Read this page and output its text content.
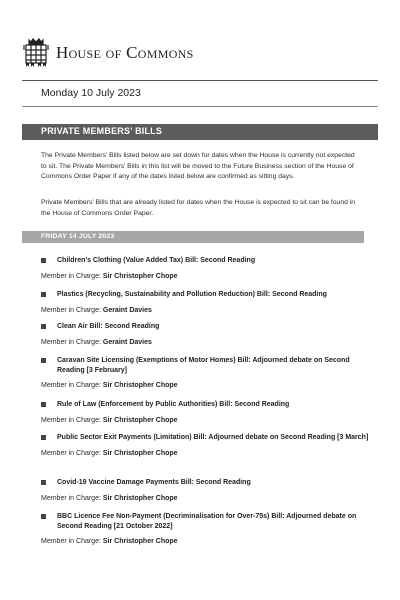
House of Commons
Monday 10 July 2023
PRIVATE MEMBERS’ BILLS
The Private Members’ Bills listed below are set down for dates when the House is currently not expected to sit. The Private Members’ Bills in this list will be moved to the Future Business section of the House of Commons Order Paper if any of the dates listed below are confirmed as sitting days.
Private Members’ Bills that are already listed for dates when the House is expected to sit can be found in the House of Commons Order Paper.
FRIDAY 14 JULY 2023
Children’s Clothing (Value Added Tax) Bill: Second Reading
Member in Charge: Sir Christopher Chope
Plastics (Recycling, Sustainability and Pollution Reduction) Bill: Second Reading
Member in Charge: Geraint Davies
Clean Air Bill: Second Reading
Member in Charge: Geraint Davies
Caravan Site Licensing (Exemptions of Motor Homes) Bill: Adjourned debate on Second Reading [3 February]
Member in Charge: Sir Christopher Chope
Rule of Law (Enforcement by Public Authorities) Bill: Second Reading
Member in Charge: Sir Christopher Chope
Public Sector Exit Payments (Limitation) Bill: Adjourned debate on Second Reading [3 March]
Member in Charge: Sir Christopher Chope
Covid-19 Vaccine Damage Payments Bill: Second Reading
Member in Charge: Sir Christopher Chope
BBC Licence Fee Non-Payment (Decriminalisation for Over-75s) Bill: Adjourned debate on Second Reading [21 October 2022]
Member in Charge: Sir Christopher Chope
